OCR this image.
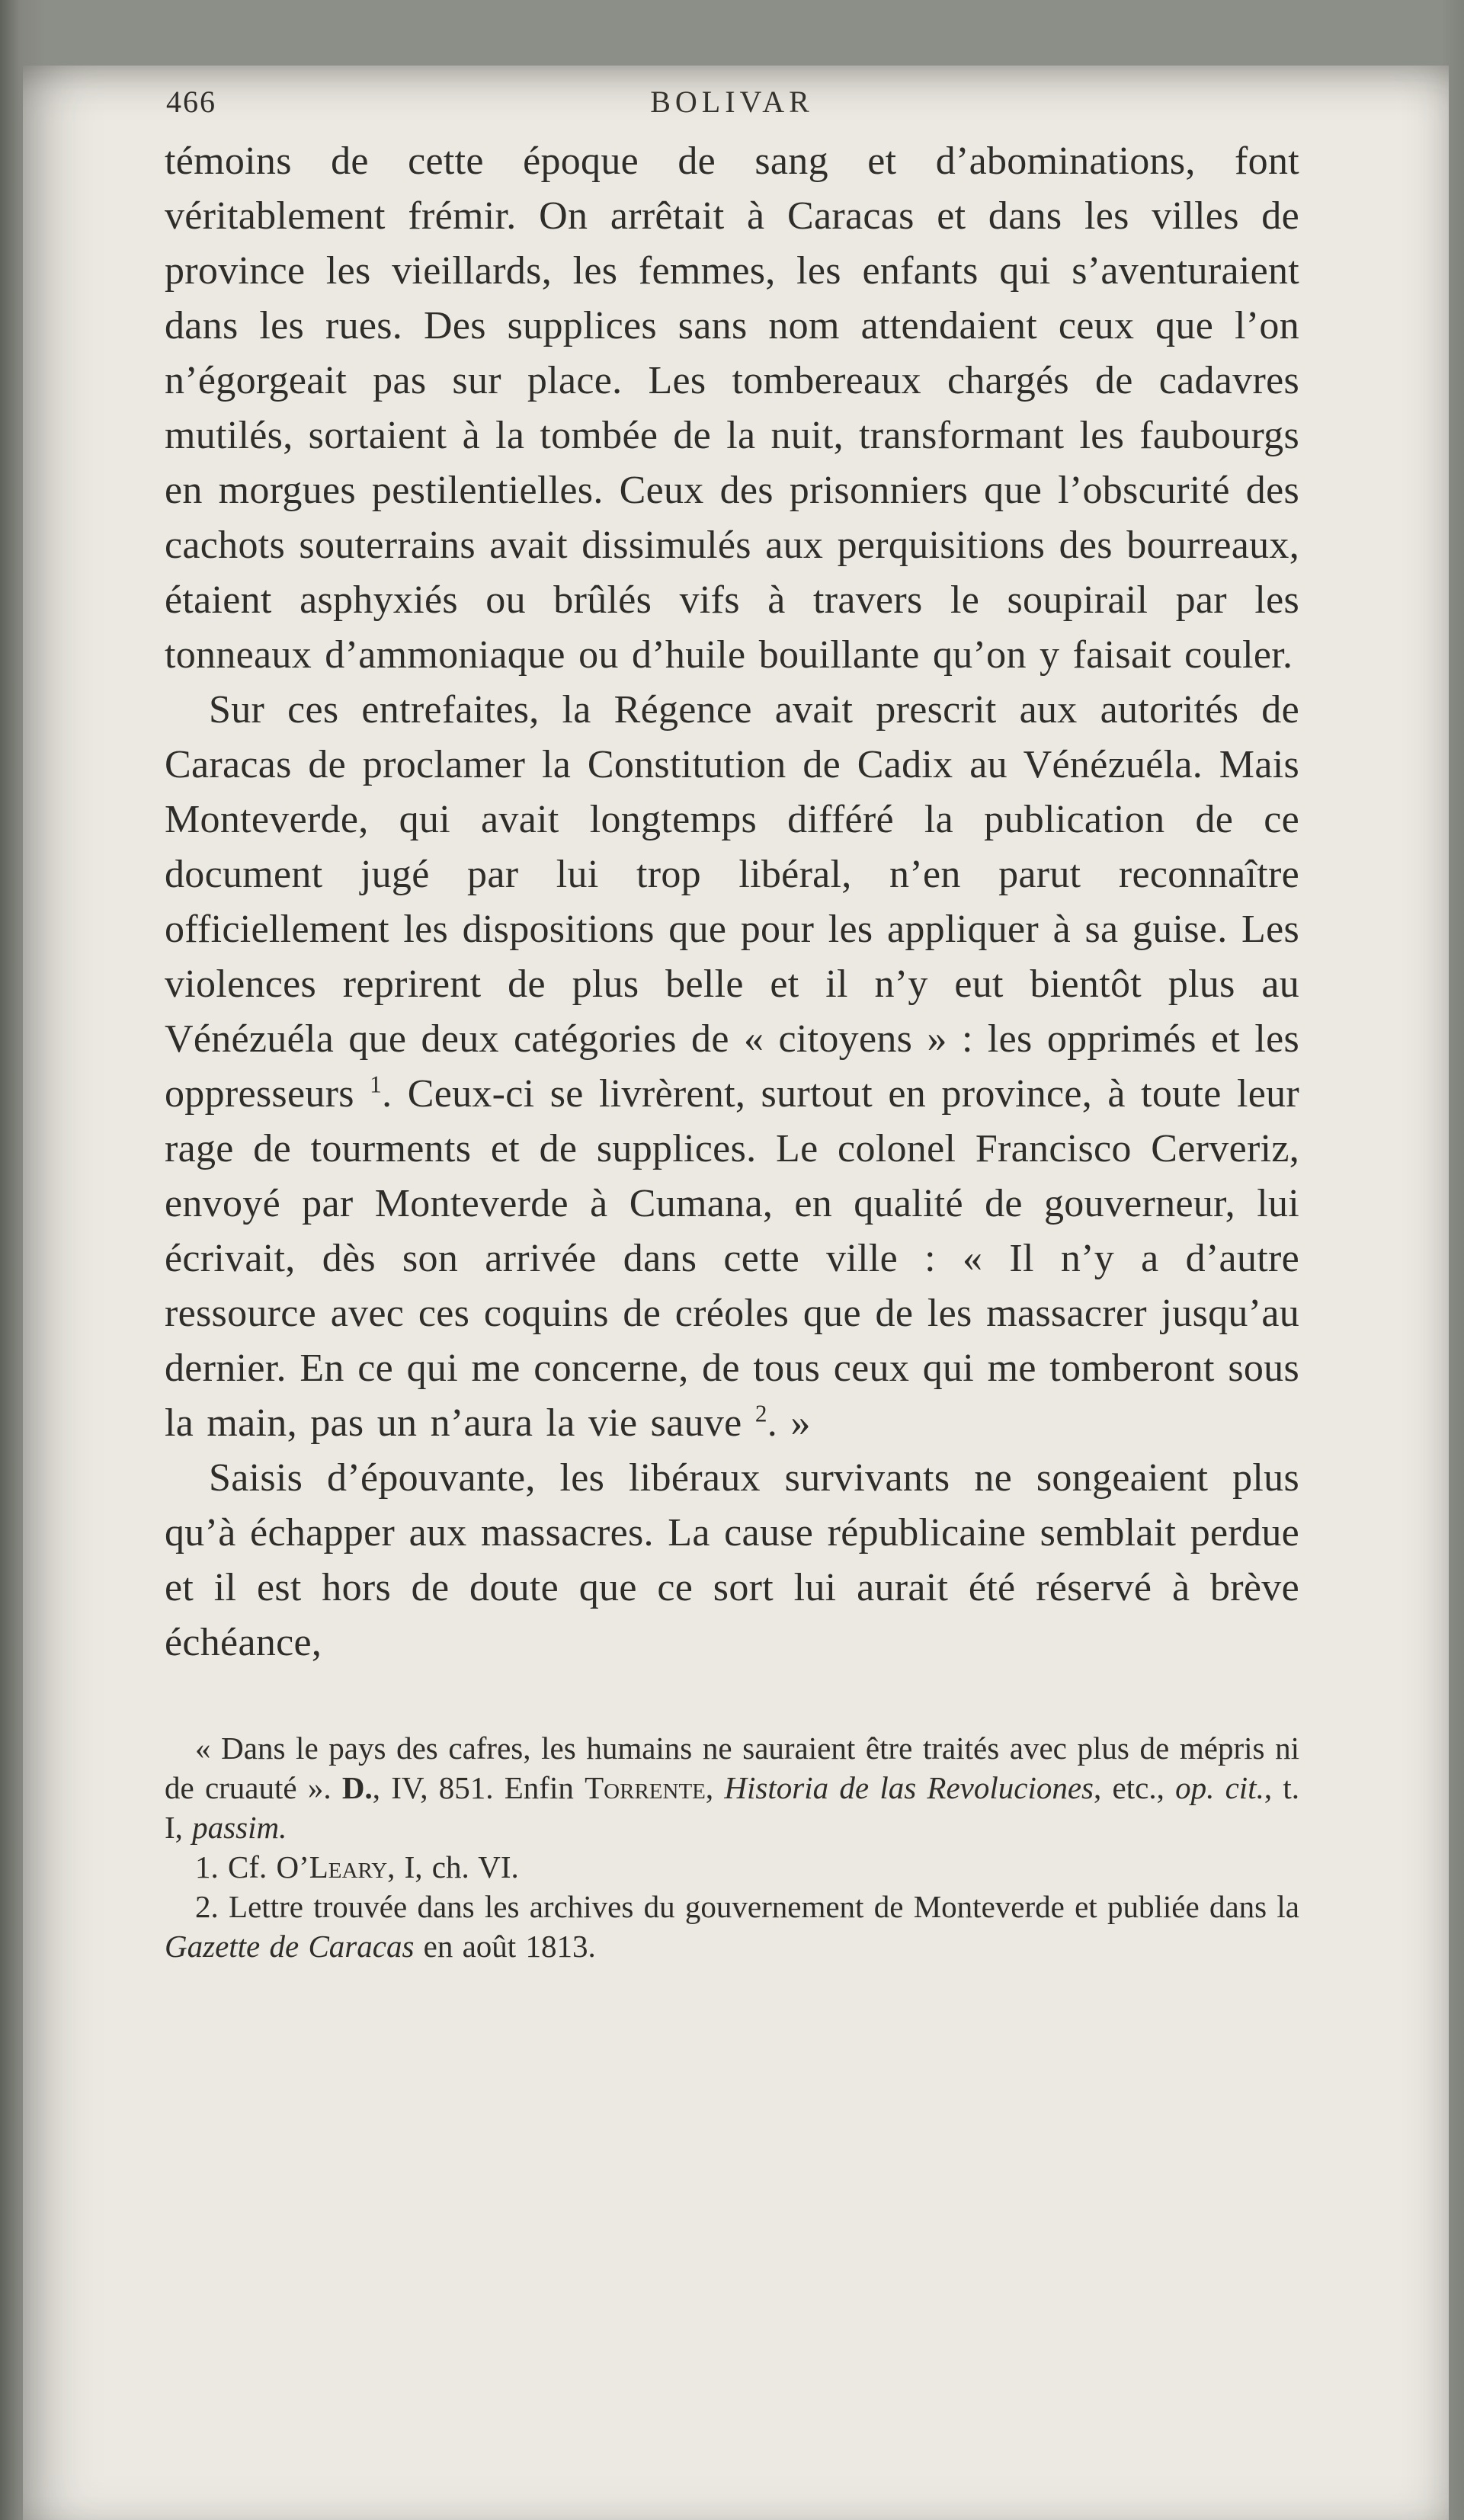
466	BOLIVAR

témoins de cette époque de sang et d’abominations, font véritablement frémir. On arrêtait à Caracas et dans les villes de province les vieillards, les femmes, les enfants qui s’aventuraient dans les rues. Des supplices sans nom attendaient ceux que l’on n’égorgeait pas sur place. Les tombereaux chargés de cadavres mutilés, sortaient à la tombée de la nuit, transformant les faubourgs en morgues pestilentielles. Ceux des prisonniers que l’obscurité des cachots souterrains avait dissimulés aux perquisitions des bourreaux, étaient asphyxiés ou brûlés vifs à travers le soupirail par les tonneaux d’ammoniaque ou d’huile bouillante qu’on y faisait couler.

Sur ces entrefaites, la Régence avait prescrit aux autorités de Caracas de proclamer la Constitution de Cadix au Vénézuéla. Mais Monteverde, qui avait longtemps différé la publication de ce document jugé par lui trop libéral, n’en parut reconnaître officiellement les dispositions que pour les appliquer à sa guise. Les violences reprirent de plus belle et il n’y eut bientôt plus au Vénézuéla que deux catégories de « citoyens » : les opprimés et les oppresseurs $^1$. Ceux-ci se livrèrent, surtout en province, à toute leur rage de tourments et de supplices. Le colonel Francisco Cerveriz, envoyé par Monteverde à Cumana, en qualité de gouverneur, lui écrivait, dès son arrivée dans cette ville : « Il n’y a d’autre ressource avec ces coquins de créoles que de les massacrer jusqu’au dernier. En ce qui me concerne, de tous ceux qui me tomberont sous la main, pas un n’aura la vie sauve $^2$. »

Saisis d’épouvante, les libéraux survivants ne songeaient plus qu’à échapper aux massacres. La cause républicaine semblait perdue et il est hors de doute que ce sort lui aurait été réservé à brève échéance,

« Dans le pays des cafres, les humains ne sauraient être traités avec plus de mépris ni de cruauté ». D., IV, 851. Enfin Torrente, Historia de las Revoluciones, etc., op. cit., t. I, passim.

1. Cf. O’Leary, I, ch. VI.

2. Lettre trouvée dans les archives du gouvernement de Monteverde et publiée dans la Gazette de Caracas en août 1813.
